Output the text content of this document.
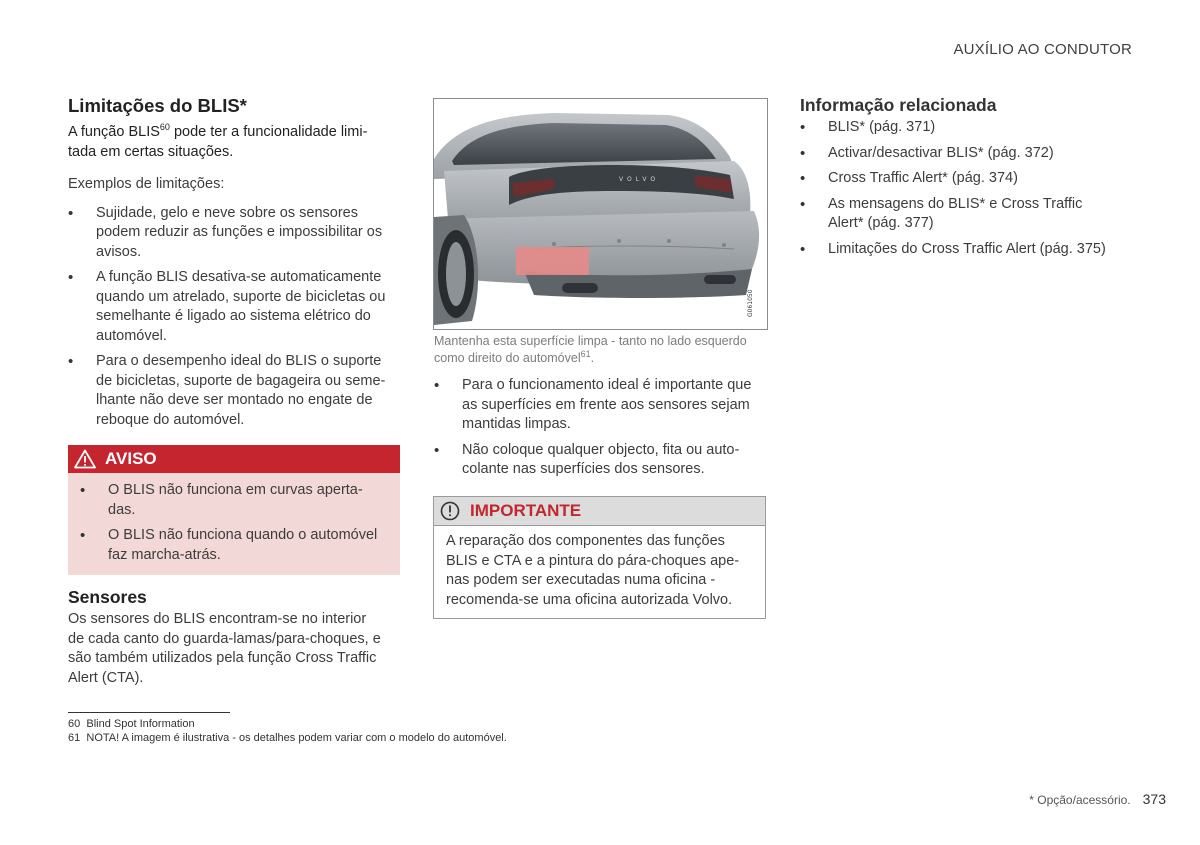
AUXÍLIO AO CONDUTOR
Limitações do BLIS*
A função BLIS$^{60}$ pode ter a funcionalidade limi-
tada em certas situações.
Exemplos de limitações:
• Sujidade, gelo e neve sobre os sensores
podem reduzir as funções e impossibilitar os
avisos.
• A função BLIS desativa-se automaticamente
quando um atrelado, suporte de bicicletas ou
semelhante é ligado ao sistema elétrico do
automóvel.
• Para o desempenho ideal do BLIS o suporte
de bicicletas, suporte de bagageira ou seme-
lhante não deve ser montado no engate de
reboque do automóvel.
AVISO
• O BLIS não funciona em curvas aperta-
das.
• O BLIS não funciona quando o automóvel
faz marcha-atrás.
Sensores
Os sensores do BLIS encontram-se no interior
de cada canto do guarda-lamas/para-choques, e
são também utilizados pela função Cross Traffic
Alert (CTA).
VOLVO
G061050
Mantenha esta superfície limpa - tanto no lado esquerdo
como direito do automóvel$^{61}$.
• Para o funcionamento ideal é importante que
as superfícies em frente aos sensores sejam
mantidas limpas.
• Não coloque qualquer objecto, fita ou auto-
colante nas superfícies dos sensores.
IMPORTANTE
A reparação dos componentes das funções
BLIS e CTA e a pintura do pára-choques ape-
nas podem ser executadas numa oficina -
recomenda-se uma oficina autorizada Volvo.
Informação relacionada
• BLIS* (pág. 371)
• Activar/desactivar BLIS* (pág. 372)
• Cross Traffic Alert* (pág. 374)
• As mensagens do BLIS* e Cross Traffic
Alert* (pág. 377)
• Limitações do Cross Traffic Alert (pág. 375)
60 Blind Spot Information
61 NOTA! A imagem é ilustrativa - os detalhes podem variar com o modelo do automóvel.
* Opção/acessório. 373
